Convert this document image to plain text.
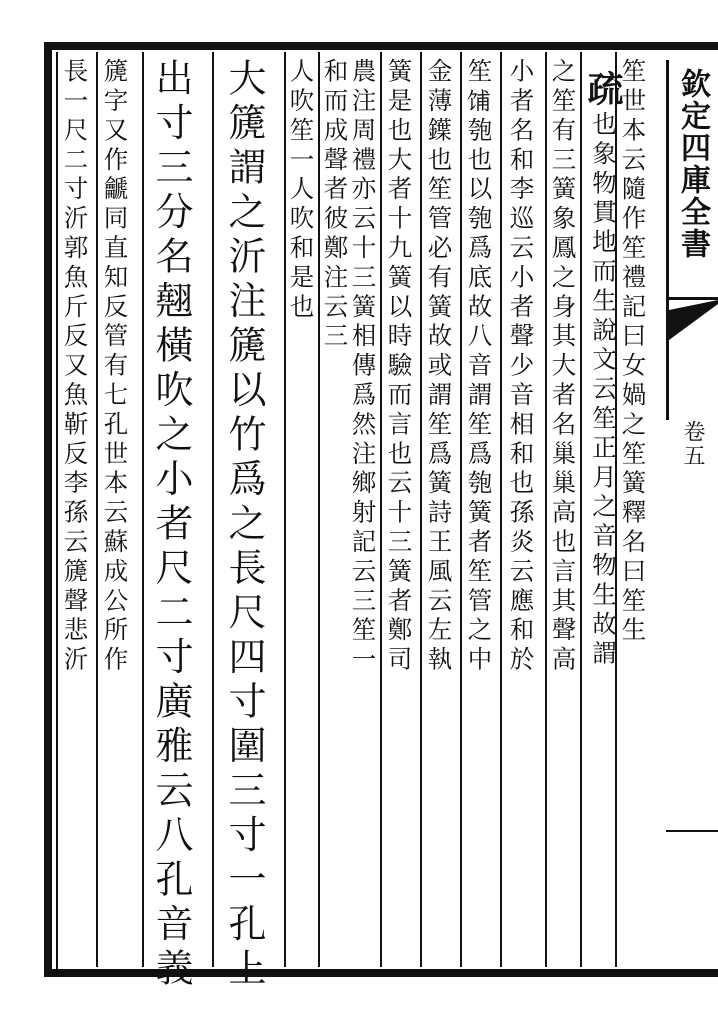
欽定四庫全書
卷五
笙世本云隨作笙禮記曰女媧之笙簧釋名曰笙生
疏也象物貫地而生說文云笙正月之音物生故謂
之笙有三簧象鳳之身其大者名巢巢高也言其聲高
小者名和李巡云小者聲少音相和也孫炎云應和於
笙𫗦匏也以匏爲底故八音謂笙爲匏簧者笙管之中
金薄鐷也笙管必有簧故或謂笙爲簧詩王風云左執
簧是也大者十九簧以時驗而言也云十三簧者鄭司
農注周禮亦云十三簧相傳爲然注鄉射記云三笙一
和而成聲者彼鄭注云三
人吹笙一人吹和是也
大篪謂之沂注篪以竹爲之長尺四寸圍三寸一孔上
出寸三分名翹橫吹之小者尺二寸廣雅云八孔音義
篪字又作䶵同直知反管有七孔世本云蘇成公所作
長一尺二寸沂郭魚斤反又魚靳反李孫云篪聲悲沂
